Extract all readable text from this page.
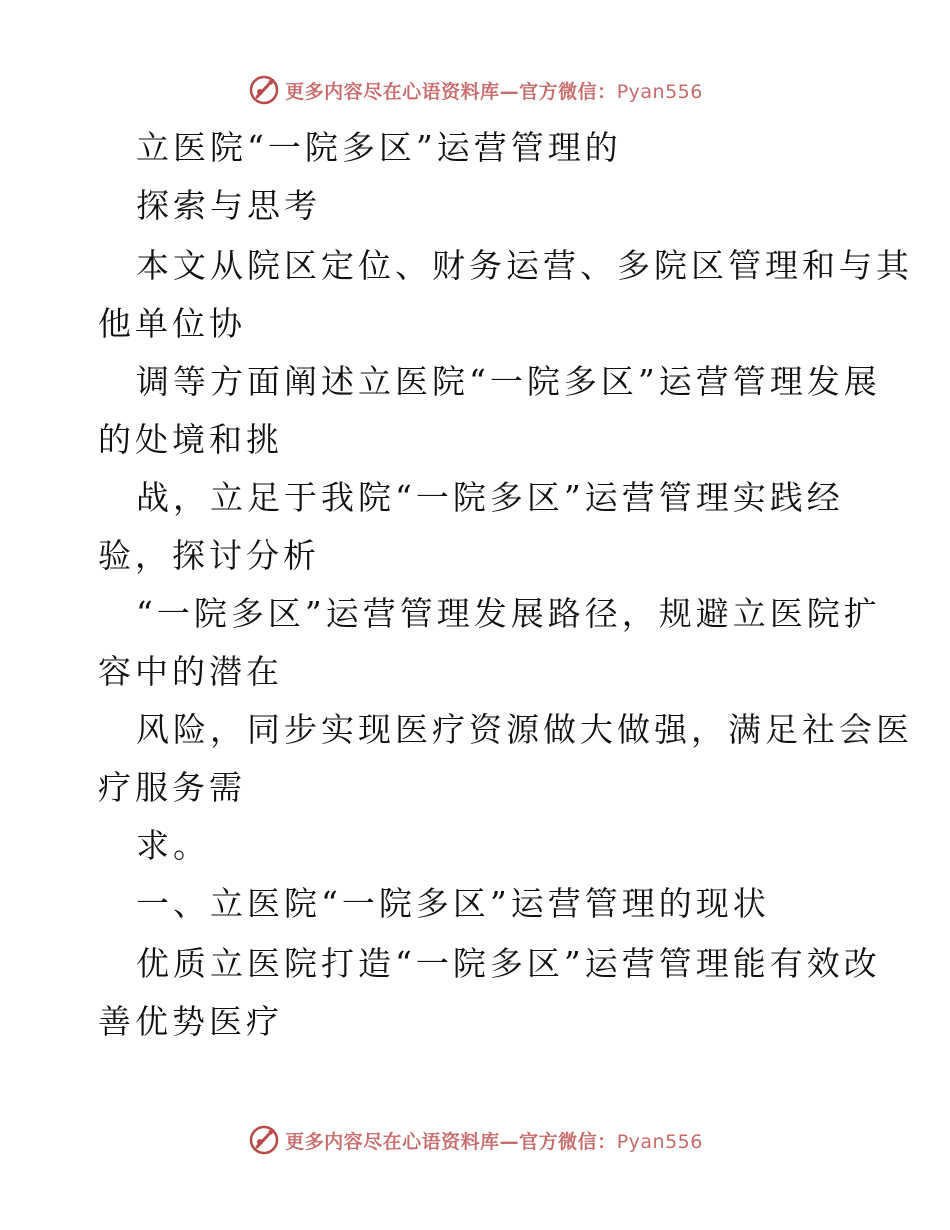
更多内容尽在心语资料库—官方微信：Pyan556
立医院“一院多区”运营管理的
探索与思考
本文从院区定位、财务运营、多院区管理和与其
他单位协
调等方面阐述立医院“一院多区”运营管理发展
的处境和挑
战，立足于我院“一院多区”运营管理实践经
验，探讨分析
“一院多区”运营管理发展路径，规避立医院扩
容中的潜在
风险，同步实现医疗资源做大做强，满足社会医
疗服务需
求。
一、立医院“一院多区”运营管理的现状
优质立医院打造“一院多区”运营管理能有效改
善优势医疗
更多内容尽在心语资料库—官方微信：Pyan556
